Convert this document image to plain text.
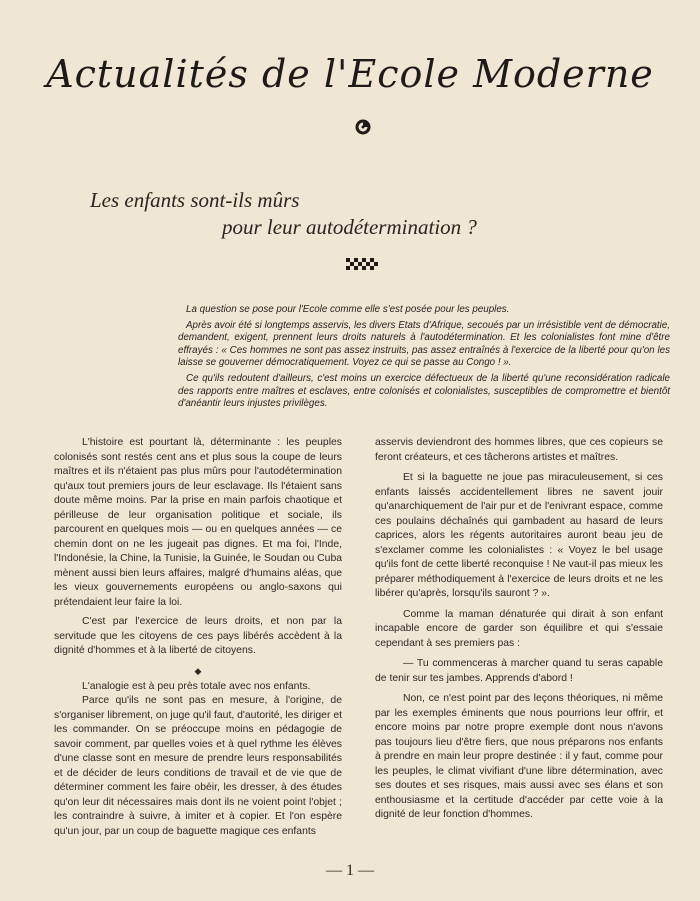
Actualités de l'Ecole Moderne
Les enfants sont-ils mûrs
pour leur autodétermination ?

La question se pose pour l'Ecole comme elle s'est posée pour les peuples.

Après avoir été si longtemps asservis, les divers Etats d'Afrique, secoués par un irrésistible vent de démocratie, demandent, exigent, prennent leurs droits naturels à l'autodétermination. Et les colonialistes font mine d'être effrayés : « Ces hommes ne sont pas assez instruits, pas assez entraînés à l'exercice de la liberté pour qu'on les laisse se gouverner démocratiquement. Voyez ce qui se passe au Congo ! ».

Ce qu'ils redoutent d'ailleurs, c'est moins un exercice défectueux de la liberté qu'une reconsidération radicale des rapports entre maîtres et esclaves, entre colonisés et colonialistes, susceptibles de compromettre et bientôt d'anéantir leurs injustes privilèges.

L'histoire est pourtant là, déterminante : les peuples colonisés sont restés cent ans et plus sous la coupe de leurs maîtres et ils n'étaient pas plus mûrs pour l'autodétermination qu'aux tout premiers jours de leur esclavage. Ils l'étaient sans doute même moins. Par la prise en main parfois chaotique et périlleuse de leur organisation politique et sociale, ils parcourent en quelques mois — ou en quelques années — ce chemin dont on ne les jugeait pas dignes. Et ma foi, l'Inde, l'Indonésie, la Chine, la Tunisie, la Guinée, le Soudan ou Cuba mènent aussi bien leurs affaires, malgré d'humains aléas, que les vieux gouvernements européens ou anglo-saxons qui prétendaient leur faire la loi.

C'est par l'exercice de leurs droits, et non par la servitude que les citoyens de ces pays libérés accèdent à la dignité d'hommes et à la liberté de citoyens.

◆

L'analogie est à peu près totale avec nos enfants.

Parce qu'ils ne sont pas en mesure, à l'origine, de s'organiser librement, on juge qu'il faut, d'autorité, les diriger et les commander. On se préoccupe moins en pédagogie de savoir comment, par quelles voies et à quel rythme les élèves d'une classe sont en mesure de prendre leurs responsabilités et de décider de leurs conditions de travail et de vie que de déterminer comment les faire obéir, les dresser, à des études qu'on leur dit nécessaires mais dont ils ne voient point l'objet ; les contraindre à suivre, à imiter et à copier. Et l'on espère qu'un jour, par un coup de baguette magique ces enfants

asservis deviendront des hommes libres, que ces copieurs se feront créateurs, et ces tâcherons artistes et maîtres.

Et si la baguette ne joue pas miraculeusement, si ces enfants laissés accidentellement libres ne savent jouir qu'anarchiquement de l'air pur et de l'enivrant espace, comme ces poulains déchaînés qui gambadent au hasard de leurs caprices, alors les régents autoritaires auront beau jeu de s'exclamer comme les colonialistes : « Voyez le bel usage qu'ils font de cette liberté reconquise ! Ne vaut-il pas mieux les préparer méthodiquement à l'exercice de leurs droits et ne les libérer qu'après, lorsqu'ils sauront ? ».

Comme la maman dénaturée qui dirait à son enfant incapable encore de garder son équilibre et qui s'essaie cependant à ses premiers pas :

— Tu commenceras à marcher quand tu seras capable de tenir sur tes jambes. Apprends d'abord !

Non, ce n'est point par des leçons théoriques, ni même par les exemples éminents que nous pourrions leur offrir, et encore moins par notre propre exemple dont nous n'avons pas toujours lieu d'être fiers, que nous préparons nos enfants à prendre en main leur propre destinée : il y faut, comme pour les peuples, le climat vivifiant d'une libre détermination, avec ses doutes et ses risques, mais aussi avec ses élans et son enthousiasme et la certitude d'accéder par cette voie à la dignité de leur fonction d'hommes.

— 1 —
